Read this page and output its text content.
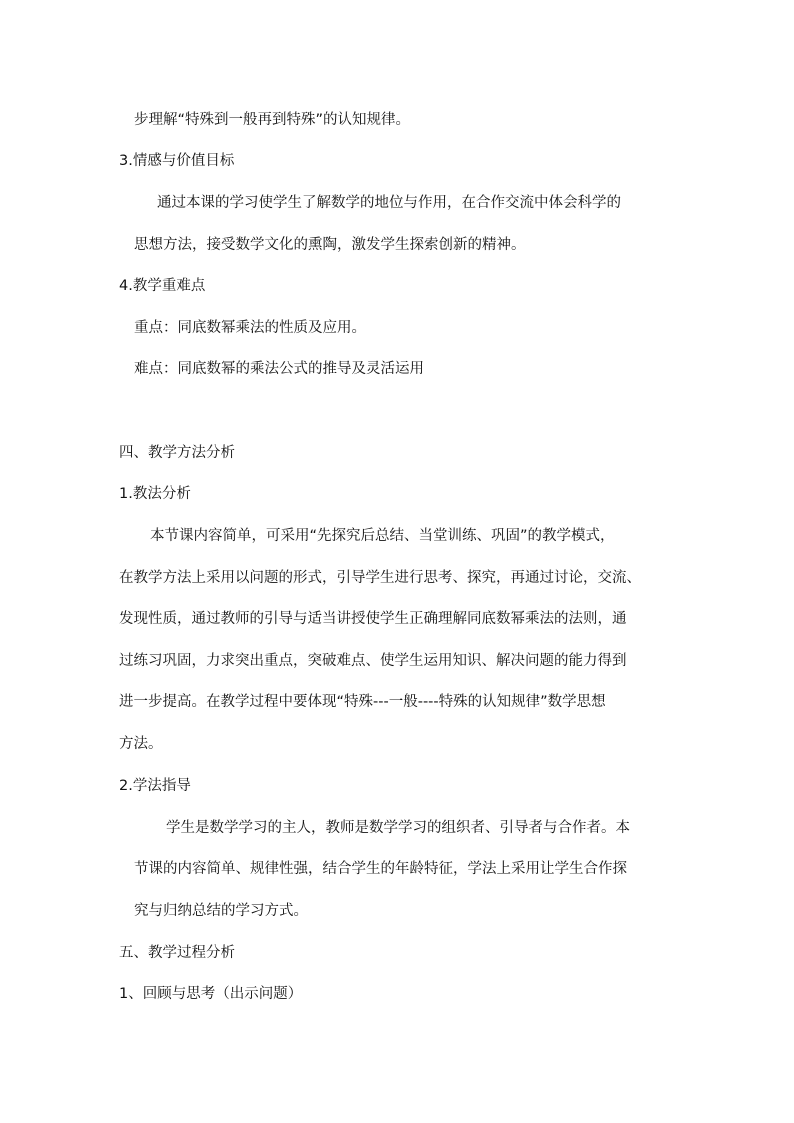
步理解“特殊到一般再到特殊”的认知规律。
3.情感与价值目标
通过本课的学习使学生了解数学的地位与作用，在合作交流中体会科学的
思想方法，接受数学文化的熏陶，激发学生探索创新的精神。
4.教学重难点
重点：同底数幂乘法的性质及应用。
难点：同底数幂的乘法公式的推导及灵活运用
四、教学方法分析
1.教法分析
本节课内容简单，可采用“先探究后总结、当堂训练、巩固”的教学模式，
在教学方法上采用以问题的形式，引导学生进行思考、探究，再通过讨论，交流、
发现性质，通过教师的引导与适当讲授使学生正确理解同底数幂乘法的法则，通
过练习巩固，力求突出重点，突破难点、使学生运用知识、解决问题的能力得到
进一步提高。在教学过程中要体现“特殊---一般----特殊的认知规律”数学思想
方法。
2.学法指导
学生是数学学习的主人，教师是数学学习的组织者、引导者与合作者。本
节课的内容简单、规律性强，结合学生的年龄特征，学法上采用让学生合作探
究与归纳总结的学习方式。
五、教学过程分析
1、回顾与思考（出示问题）
